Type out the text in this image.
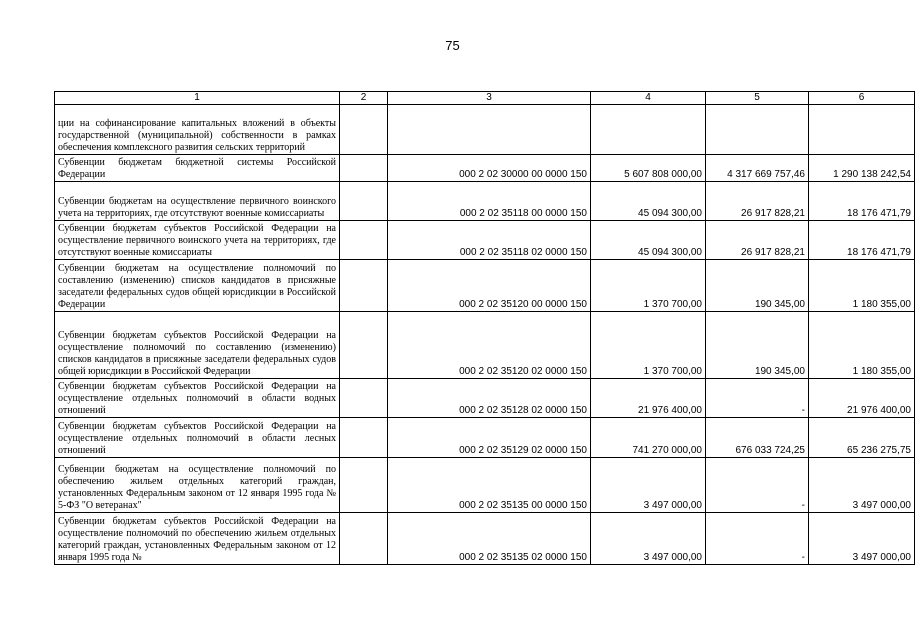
75
1	2	3	4	5	6
ции на софинансирование капитальных вложений в объекты государственной (муниципальной) собственности в рамках обеспечения комплексного развития сельских территорий					
Субвенции бюджетам бюджетной системы Российской Федерации		000 2 02 30000 00 0000 150	5 607 808 000,00	4 317 669 757,46	1 290 138 242,54
Субвенции бюджетам на осуществление первичного воинского учета на территориях, где отсутствуют военные комиссариаты		000 2 02 35118 00 0000 150	45 094 300,00	26 917 828,21	18 176 471,79
Субвенции бюджетам субъектов Российской Федерации на осуществление первичного воинского учета на территориях, где отсутствуют военные комиссариаты		000 2 02 35118 02 0000 150	45 094 300,00	26 917 828,21	18 176 471,79
Субвенции бюджетам на осуществление полномочий по составлению (изменению) списков кандидатов в присяжные заседатели федеральных судов общей юрисдикции в Российской Федерации		000 2 02 35120 00 0000 150	1 370 700,00	190 345,00	1 180 355,00
Субвенции бюджетам субъектов Российской Федерации на осуществление полномочий по составлению (изменению) списков кандидатов в присяжные заседатели федеральных судов общей юрисдикции в Российской Федерации		000 2 02 35120 02 0000 150	1 370 700,00	190 345,00	1 180 355,00
Субвенции бюджетам субъектов Российской Федерации на осуществление отдельных полномочий в области водных отношений		000 2 02 35128 02 0000 150	21 976 400,00	-	21 976 400,00
Субвенции бюджетам субъектов Российской Федерации на осуществление отдельных полномочий в области лесных отношений		000 2 02 35129 02 0000 150	741 270 000,00	676 033 724,25	65 236 275,75
Субвенции бюджетам на осуществление полномочий по обеспечению жильем отдельных категорий граждан, установленных Федеральным законом от 12 января 1995 года № 5-ФЗ "О ветеранах"		000 2 02 35135 00 0000 150	3 497 000,00	-	3 497 000,00
Субвенции бюджетам субъектов Российской Федерации на осуществление полномочий по обеспечению жильем отдельных категорий граждан, установленных Федеральным законом от 12 января 1995 года №		000 2 02 35135 02 0000 150	3 497 000,00	-	3 497 000,00
